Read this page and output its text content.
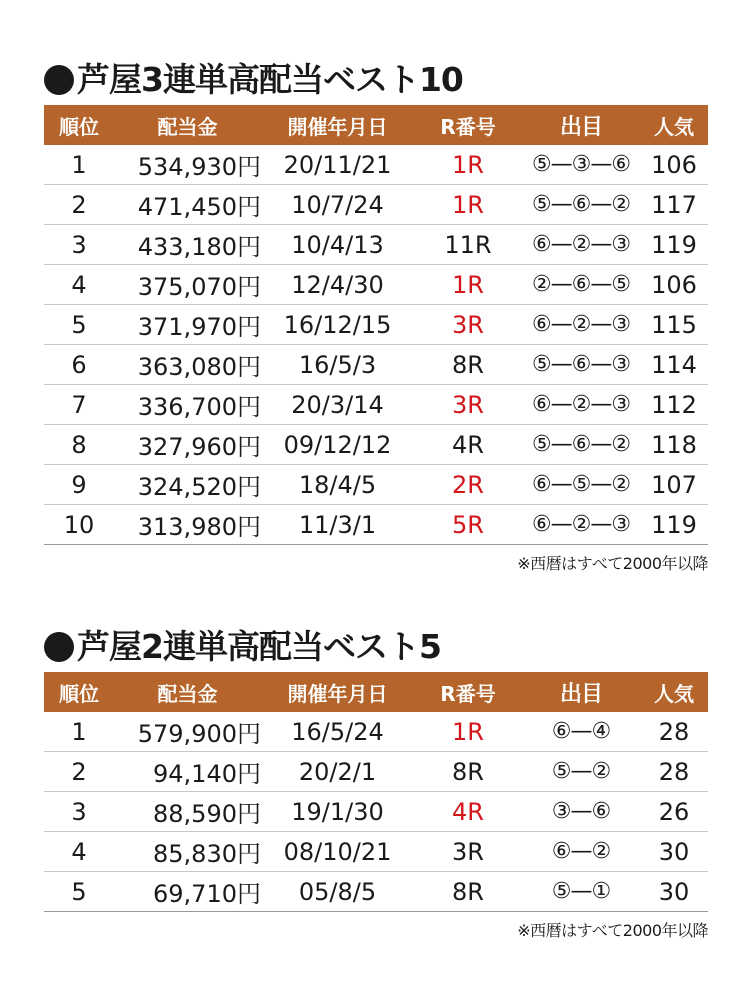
芦屋3連単高配当ベスト10
順位	配当金	開催年月日	R番号	出目	人気
1	534,930円 20/11/21	1R	⑤—③—⑥ 106
2	471,450円	10/7/24	1R	⑤—⑥—② 117
3	433,180円	10/4/13	11R	⑥—②—③ 119
4	375,070円	12/4/30	1R	②—⑥—⑤ 106
5	371,970円 16/12/15	3R	⑥—②—③ 115
6	363,080円	16/5/3	8R	⑤—⑥—③ 114
7	336,700円	20/3/14	3R	⑥—②—③ 112
8	327,960円 09/12/12	4R	⑤—⑥—② 118
9	324,520円	18/4/5	2R	⑥—⑤—② 107
10	313,980円	11/3/1	5R	⑥—②—③ 119
※西暦はすべて2000年以降
芦屋2連単高配当ベスト5
順位	配当金	開催年月日	R番号	出目	人気
1	579,900円	16/5/24	1R	⑥—④	28
2	94,140円	20/2/1	8R	⑤—②	28
3	88,590円	19/1/30	4R	③—⑥	26
4	85,830円 08/10/21	3R	⑥—②	30
5	69,710円	05/8/5	8R	⑤—①	30
※西暦はすべて2000年以降
